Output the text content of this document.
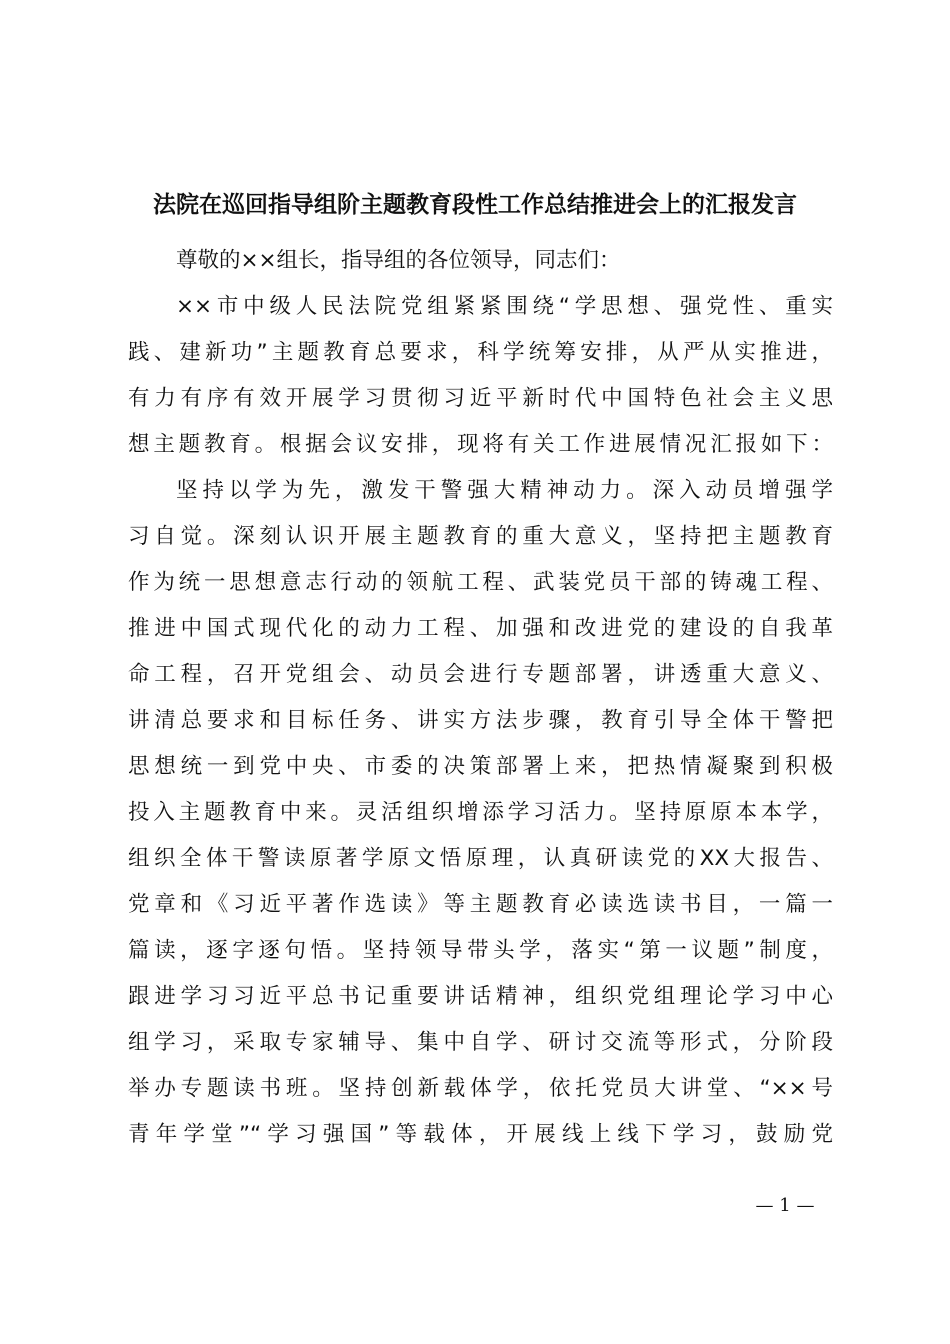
法院在巡回指导组阶主题教育段性工作总结推进会上的汇报发言
尊敬的××组长，指导组的各位领导，同志们：
××市中级人民法院党组紧紧围绕“学思想、强党性、重实
践、建新功”主题教育总要求，科学统筹安排，从严从实推进，
有力有序有效开展学习贯彻习近平新时代中国特色社会主义思
想主题教育。根据会议安排，现将有关工作进展情况汇报如下：
坚持以学为先，激发干警强大精神动力。深入动员增强学
习自觉。深刻认识开展主题教育的重大意义，坚持把主题教育
作为统一思想意志行动的领航工程、武装党员干部的铸魂工程、
推进中国式现代化的动力工程、加强和改进党的建设的自我革
命工程，召开党组会、动员会进行专题部署，讲透重大意义、
讲清总要求和目标任务、讲实方法步骤，教育引导全体干警把
思想统一到党中央、市委的决策部署上来，把热情凝聚到积极
投入主题教育中来。灵活组织增添学习活力。坚持原原本本学，
组织全体干警读原著学原文悟原理，认真研读党的XX大报告、
党章和《习近平著作选读》等主题教育必读选读书目，一篇一
篇读，逐字逐句悟。坚持领导带头学，落实“第一议题”制度，
跟进学习习近平总书记重要讲话精神，组织党组理论学习中心
组学习，采取专家辅导、集中自学、研讨交流等形式，分阶段
举办专题读书班。坚持创新载体学，依托党员大讲堂、“××号
青年学堂”“学习强国”等载体，开展线上线下学习，鼓励党
— 1 —
